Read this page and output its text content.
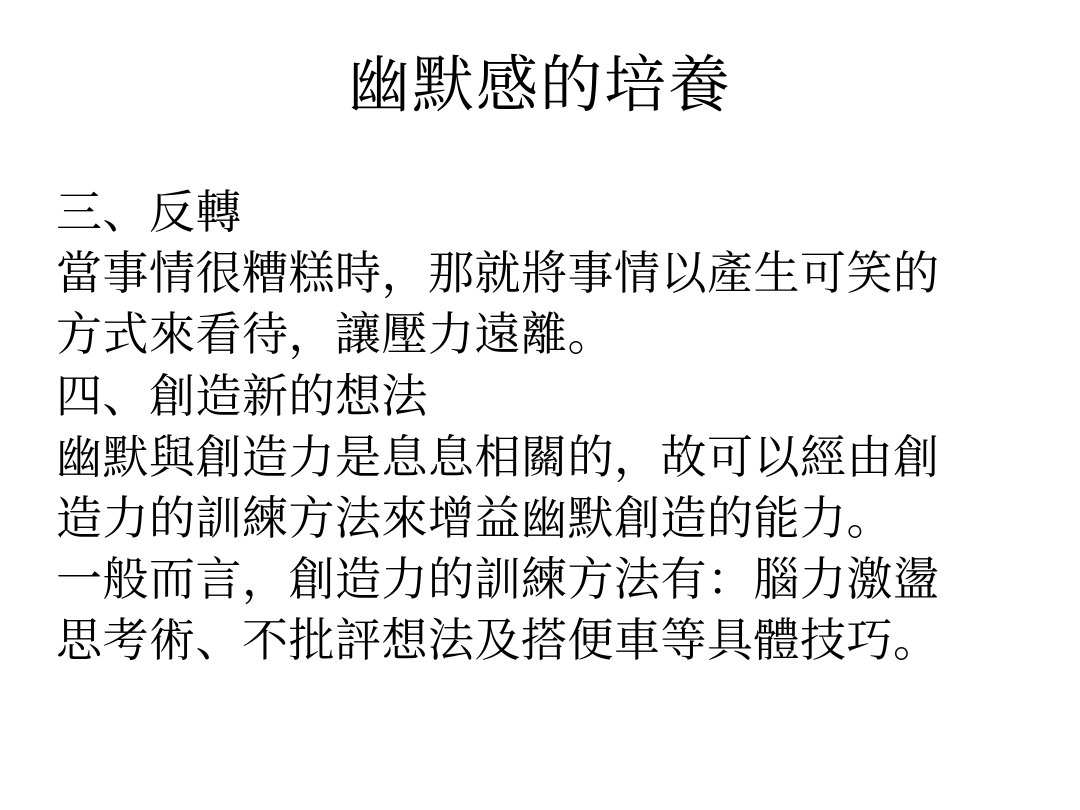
幽默感的培養
三、反轉
當事情很糟糕時，那就將事情以產生可笑的
方式來看待，讓壓力遠離。
四、創造新的想法
幽默與創造力是息息相關的，故可以經由創
造力的訓練方法來增益幽默創造的能力。
一般而言，創造力的訓練方法有：腦力激盪
思考術、不批評想法及搭便車等具體技巧。
